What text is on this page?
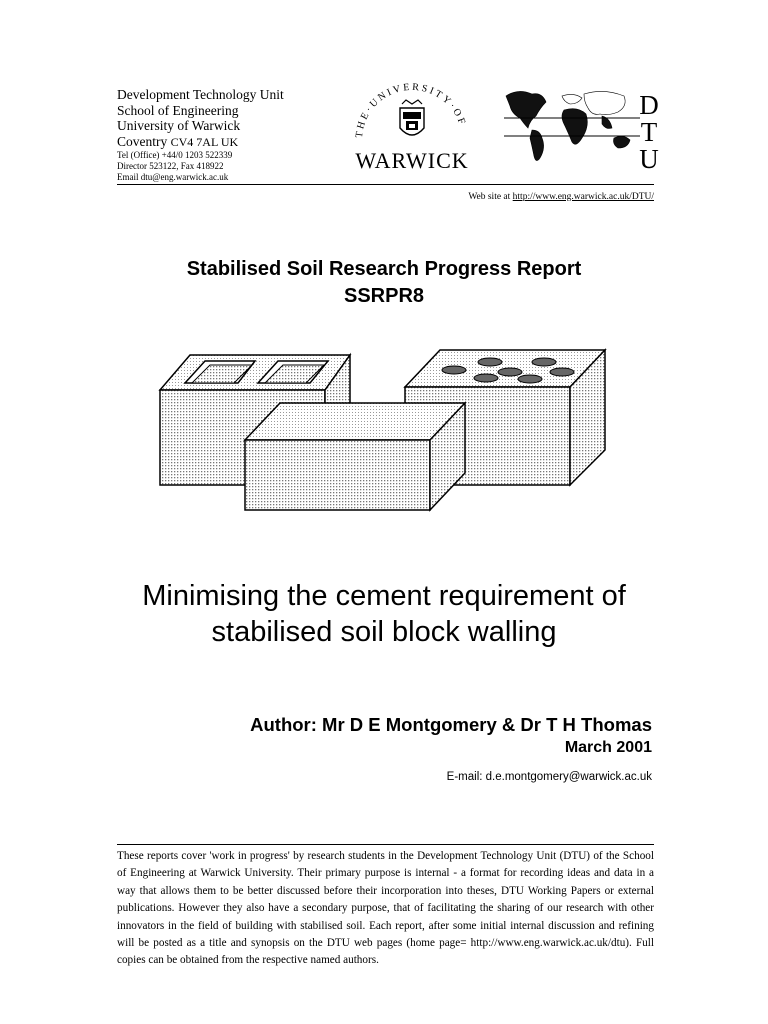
Development Technology Unit
School of Engineering
University of Warwick
Coventry CV4 7AL UK
Tel (Office) +44/0 1203 522339
Director 523122, Fax 418922
Email dtu@eng.warwick.ac.uk
THE·UNIVERSITY·OF
WARWICK
D
T
U
Web site at http://www.eng.warwick.ac.uk/DTU/
Stabilised Soil Research Progress Report
SSRPR8
Minimising the cement requirement of
stabilised soil block walling
Author: Mr D E Montgomery & Dr T H Thomas
March 2001
E-mail: d.e.montgomery@warwick.ac.uk
These reports cover 'work in progress' by research students in the Development Technology Unit (DTU) of the School of Engineering at Warwick University. Their primary purpose is internal - a format for recording ideas and data in a way that allows them to be better discussed before their incorporation into theses, DTU Working Papers or external publications. However they also have a secondary purpose, that of facilitating the sharing of our research with other innovators in the field of building with stabilised soil. Each report, after some initial internal discussion and refining will be posted as a title and synopsis on the DTU web pages (home page= http://www.eng.warwick.ac.uk/dtu). Full copies can be obtained from the respective named authors.
